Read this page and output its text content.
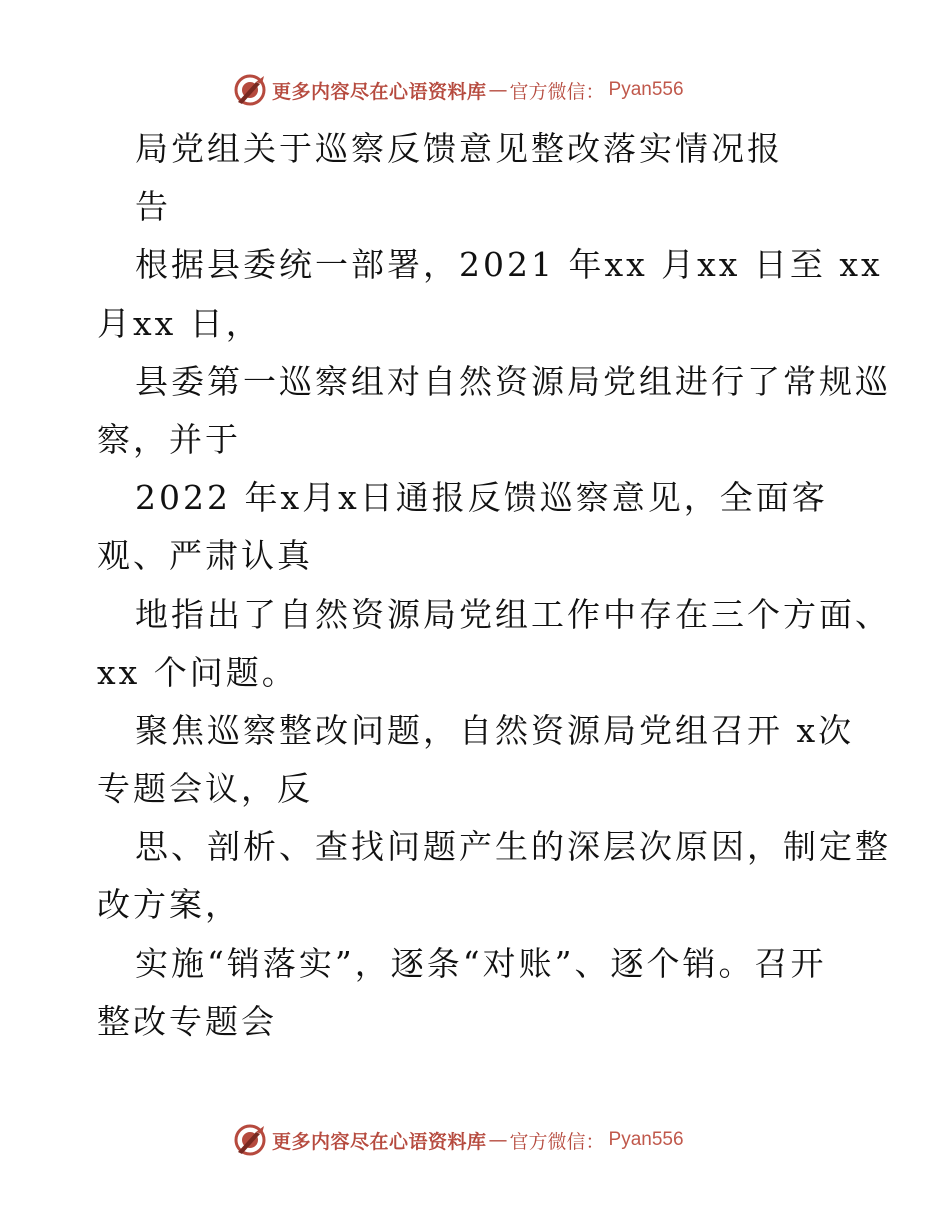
更多内容尽在心语资料库 — 官方微信： Pyan556
局党组关于巡察反馈意见整改落实情况报
告
根据县委统一部署，2021 年xx 月xx 日至 xx
月xx 日，
县委第一巡察组对自然资源局党组进行了常规巡
察，并于
2022 年x月x日通报反馈巡察意见，全面客
观、严肃认真
地指出了自然资源局党组工作中存在三个方面、
xx 个问题。
聚焦巡察整改问题，自然资源局党组召开 x次
专题会议，反
思、剖析、查找问题产生的深层次原因，制定整
改方案，
实施“销落实”，逐条“对账”、逐个销。召开
整改专题会
更多内容尽在心语资料库 — 官方微信： Pyan556
